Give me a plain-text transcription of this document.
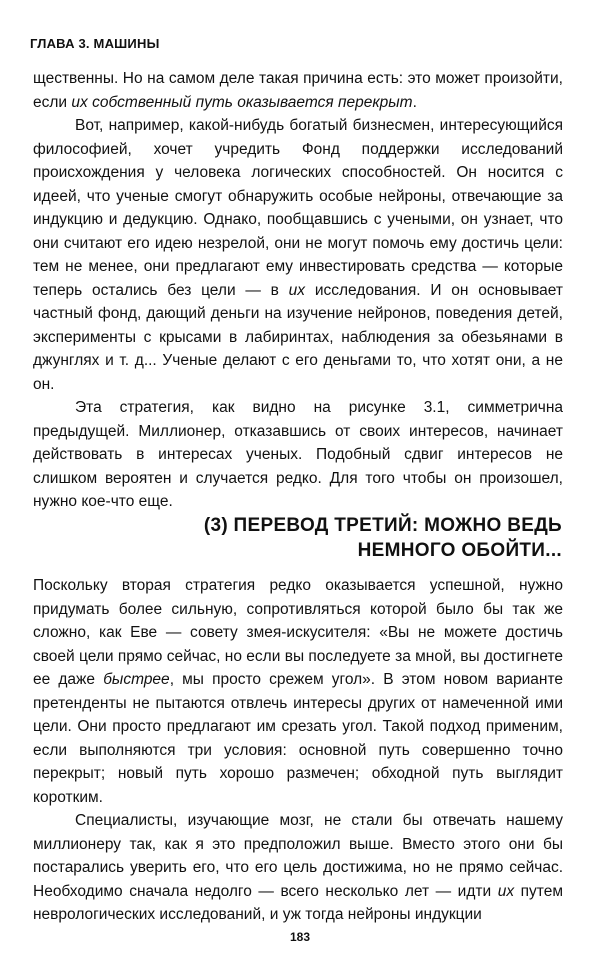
ГЛАВА 3. МАШИНЫ

щественны. Но на самом деле такая причина есть: это может произойти, если их собственный путь оказывается перекрыт.

Вот, например, какой-нибудь богатый бизнесмен, интересующийся философией, хочет учредить Фонд поддержки исследований происхождения у человека логических способностей. Он носится с идеей, что ученые смогут обнаружить особые нейроны, отвечающие за индукцию и дедукцию. Однако, пообщавшись с учеными, он узнает, что они считают его идею незрелой, они не могут помочь ему достичь цели: тем не менее, они предлагают ему инвестировать средства — которые теперь остались без цели — в их исследования. И он основывает частный фонд, дающий деньги на изучение нейронов, поведения детей, эксперименты с крысами в лабиринтах, наблюдения за обезьянами в джунглях и т. д... Ученые делают с его деньгами то, что хотят они, а не он.

Эта стратегия, как видно на рисунке 3.1, симметрична предыдущей. Миллионер, отказавшись от своих интересов, начинает действовать в интересах ученых. Подобный сдвиг интересов не слишком вероятен и случается редко. Для того чтобы он произошел, нужно кое-что еще.

(3) ПЕРЕВОД ТРЕТИЙ: МОЖНО ВЕДЬ
НЕМНОГО ОБОЙТИ...

Поскольку вторая стратегия редко оказывается успешной, нужно придумать более сильную, сопротивляться которой было бы так же сложно, как Еве — совету змея-искусителя: «Вы не можете достичь своей цели прямо сейчас, но если вы последуете за мной, вы достигнете ее даже быстрее, мы просто срежем угол». В этом новом варианте претенденты не пытаются отвлечь интересы других от намеченной ими цели. Они просто предлагают им срезать угол. Такой подход применим, если выполняются три условия: основной путь совершенно точно перекрыт; новый путь хорошо размечен; обходной путь выглядит коротким.

Специалисты, изучающие мозг, не стали бы отвечать нашему миллионеру так, как я это предположил выше. Вместо этого они бы постарались уверить его, что его цель достижима, но не прямо сейчас. Необходимо сначала недолго — всего несколько лет — идти их путем неврологических исследований, и уж тогда нейроны индукции

183
